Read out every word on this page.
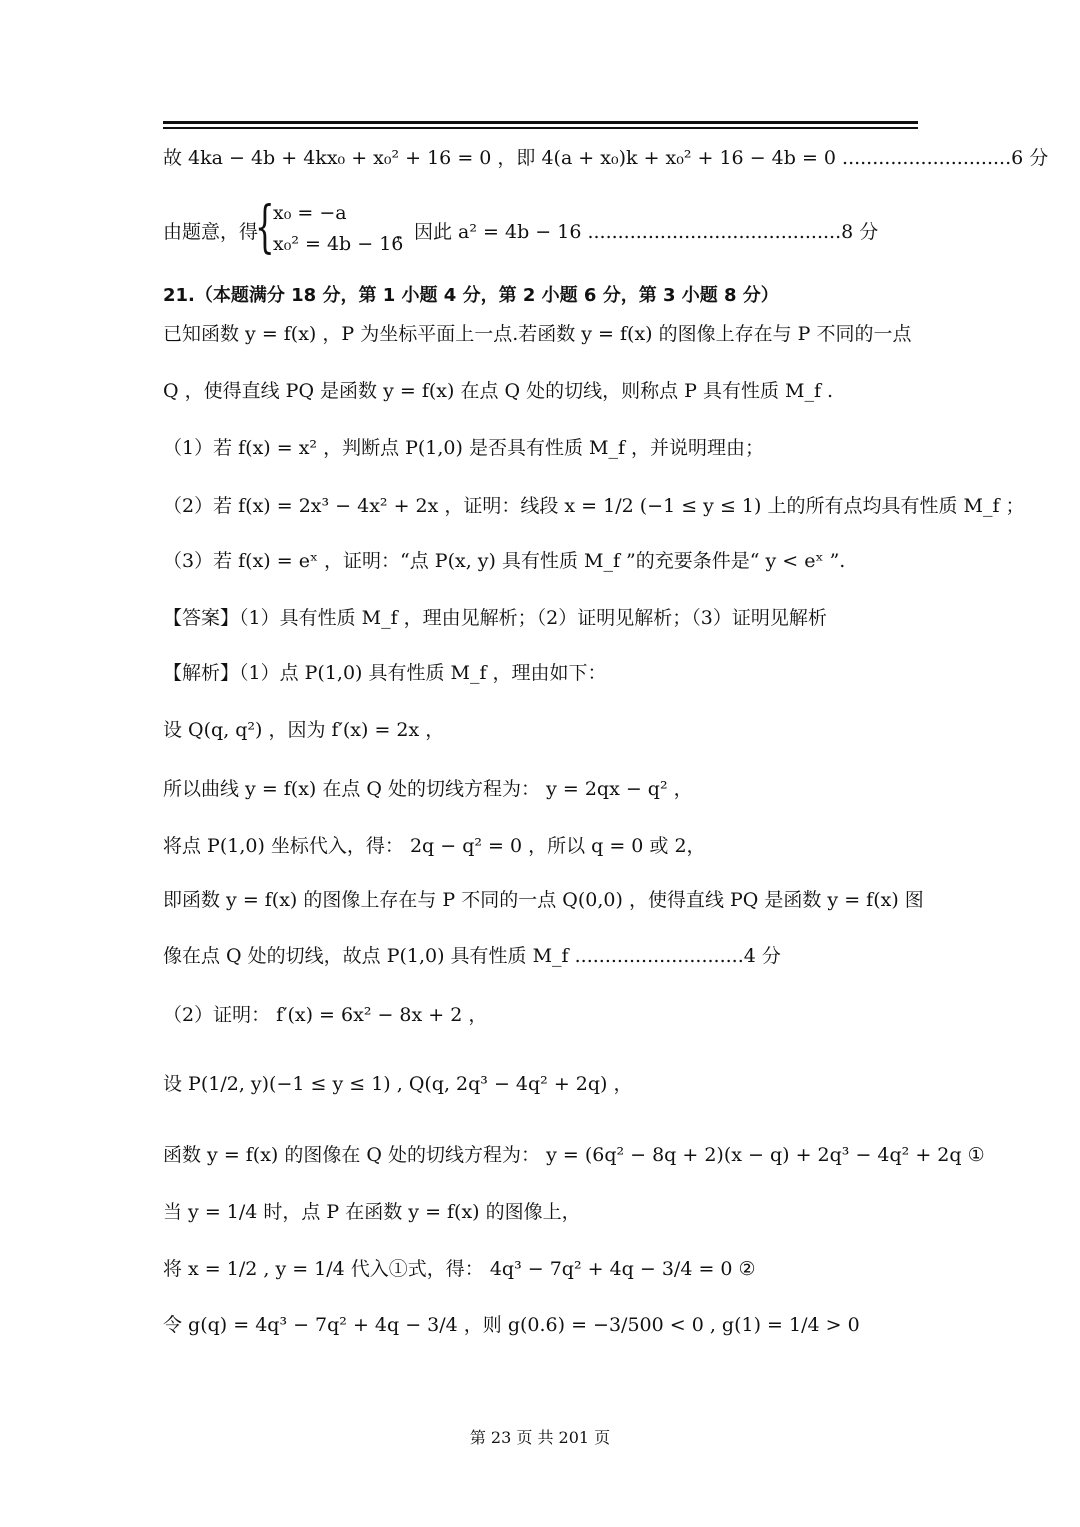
故 4ka − 4b + 4kx₀ + x₀² + 16 = 0 ，即 4(a + x₀)k + x₀² + 16 − 4b = 0 ............................6 分
由题意，得
{
x₀ = −a
x₀² = 4b − 16
，因此 a² = 4b − 16 ..........................................8 分
21.（本题满分 18 分，第 1 小题 4 分，第 2 小题 6 分，第 3 小题 8 分）
已知函数 y = f(x) ，P 为坐标平面上一点.若函数 y = f(x) 的图像上存在与 P 不同的一点
Q ，使得直线 PQ 是函数 y = f(x) 在点 Q 处的切线，则称点 P 具有性质 M_f .
（1）若 f(x) = x² ，判断点 P(1,0) 是否具有性质 M_f ，并说明理由；
（2）若 f(x) = 2x³ − 4x² + 2x ，证明：线段 x = 1/2 (−1 ≤ y ≤ 1) 上的所有点均具有性质 M_f ；
（3）若 f(x) = eˣ ，证明：“点 P(x, y) 具有性质 M_f ”的充要条件是“ y < eˣ ”.
【答案】（1）具有性质 M_f ，理由见解析；（2）证明见解析；（3）证明见解析
【解析】（1）点 P(1,0) 具有性质 M_f ，理由如下：
设 Q(q, q²) ，因为 f′(x) = 2x ，
所以曲线 y = f(x) 在点 Q 处的切线方程为： y = 2qx − q² ，
将点 P(1,0) 坐标代入，得： 2q − q² = 0 ，所以 q = 0 或 2，
即函数 y = f(x) 的图像上存在与 P 不同的一点 Q(0,0) ，使得直线 PQ 是函数 y = f(x) 图
像在点 Q 处的切线，故点 P(1,0) 具有性质 M_f ............................4 分
（2）证明： f′(x) = 6x² − 8x + 2 ，
设 P(1/2, y)(−1 ≤ y ≤ 1) , Q(q, 2q³ − 4q² + 2q) ，
函数 y = f(x) 的图像在 Q 处的切线方程为： y = (6q² − 8q + 2)(x − q) + 2q³ − 4q² + 2q ①
当 y = 1/4 时，点 P 在函数 y = f(x) 的图像上，
将 x = 1/2 , y = 1/4 代入①式，得： 4q³ − 7q² + 4q − 3/4 = 0 ②
令 g(q) = 4q³ − 7q² + 4q − 3/4 ，则 g(0.6) = −3/500 < 0 , g(1) = 1/4 > 0
第 23 页 共 201 页
